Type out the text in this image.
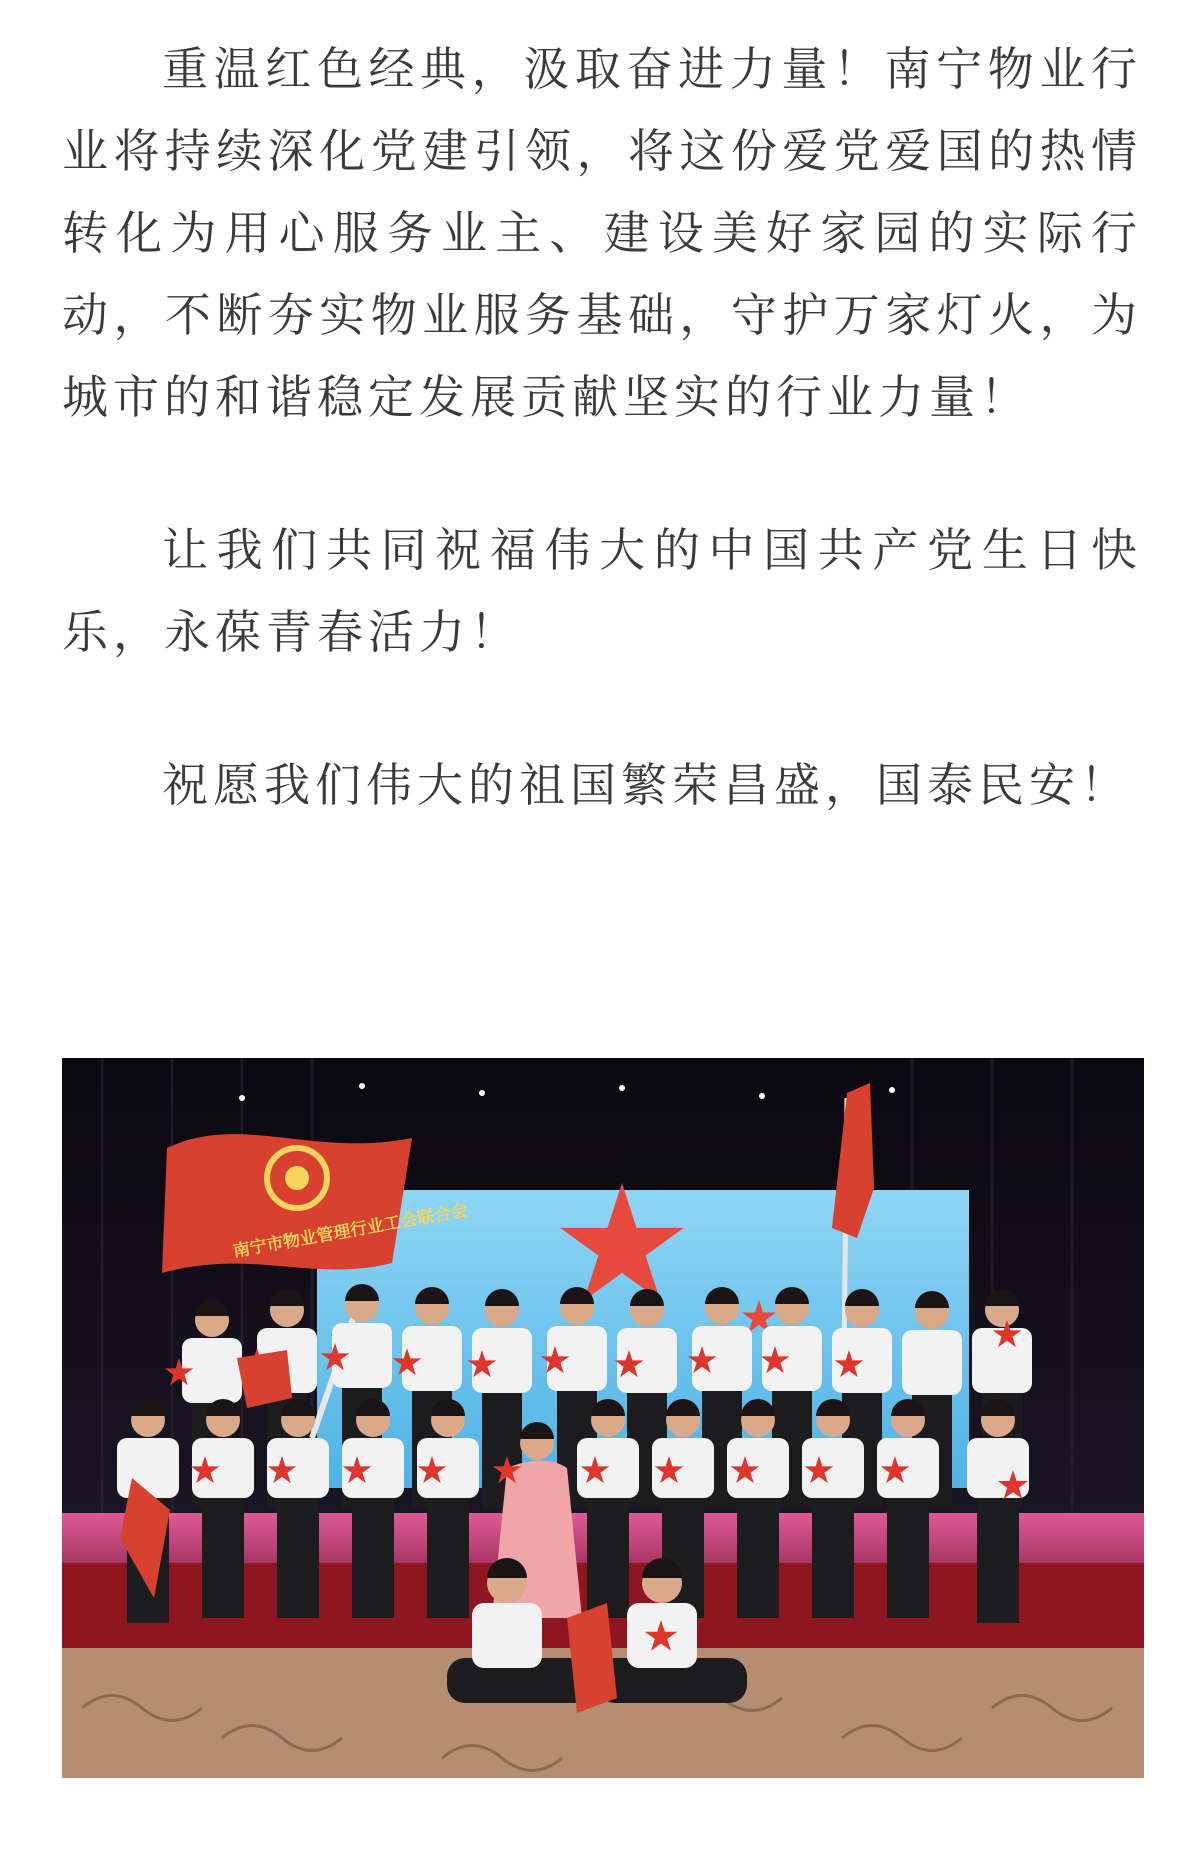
重温红色经典，汲取奋进力量！南宁物业行业将持续深化党建引领，将这份爱党爱国的热情转化为用心服务业主、建设美好家园的实际行动，不断夯实物业服务基础，守护万家灯火，为城市的和谐稳定发展贡献坚实的行业力量！

让我们共同祝福伟大的中国共产党生日快乐，永葆青春活力！

祝愿我们伟大的祖国繁荣昌盛，国泰民安！

南宁市物业管理行业工会联合会
